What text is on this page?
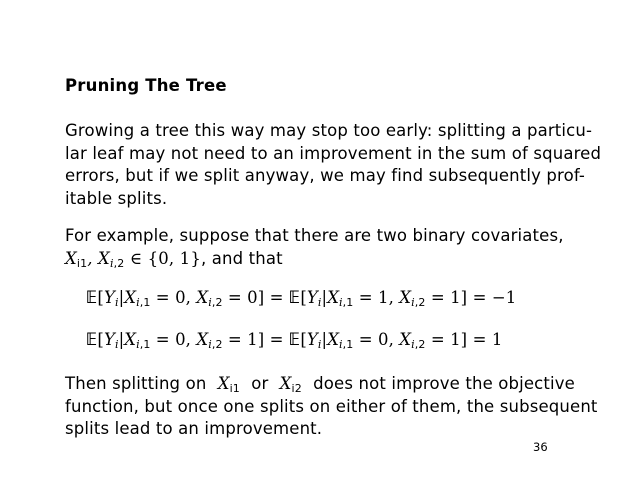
Pruning The Tree
Growing a tree this way may stop too early: splitting a particu-
lar leaf may not need to an improvement in the sum of squared
errors, but if we split anyway, we may find subsequently prof-
itable splits.
For example, suppose that there are two binary covariates,
$X_{i1}$, $X_{i,2}$ ∈ {0, 1}, and that
$𝔼[Y_i|X_{i,1} = 0$, $X_{i,2} = 0$] = $𝔼[Y_i|X_{i,1} = 1$, $X_{i,2} = 1] = -1$
$𝔼[Y_i|X_{i,1} = 0$, $X_{i,2} = 1$] = $𝔼[Y_i|X_{i,1} = 0$, $X_{i,2} = 1] = 1$
Then splitting on $X_{i1}$ or $X_{i2}$ does not improve the objective
function, but once one splits on either of them, the subsequent
splits lead to an improvement.
36
